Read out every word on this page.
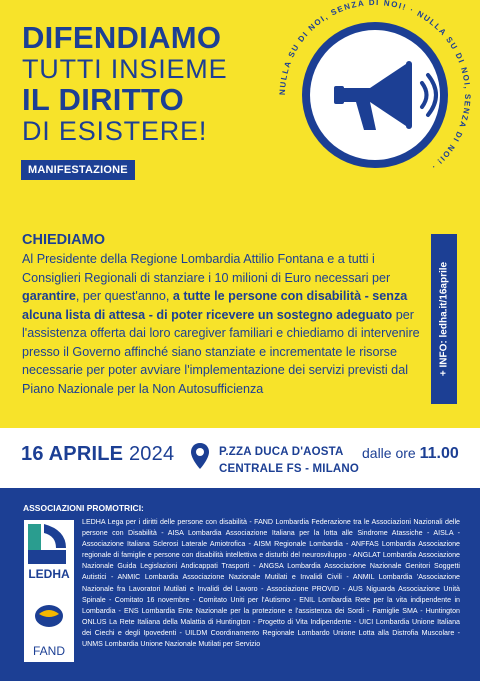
DIFENDIAMO
TUTTI INSIEME
IL DIRITTO
DI ESISTERE!
MANIFESTAZIONE
NULLA SU DI NOI, SENZA DI NOI! · NULLA SU DI NOI, SENZA DI NOI! ·
CHIEDIAMO
Al Presidente della Regione Lombardia Attilio Fontana e a tutti i Consiglieri Regionali di stanziare i 10 milioni di Euro necessari per garantire, per quest'anno, a tutte le persone con disabilità - senza alcuna lista di attesa - di poter ricevere un sostegno adeguato per l'assistenza offerta dai loro caregiver familiari e chiediamo di intervenire presso il Governo affinché siano stanziate e incrementate le risorse necessarie per poter avviare l'implementazione dei servizi previsti dal Piano Nazionale per la Non Autosufficienza
+ INFO: ledha.it/16aprile
16 APRILE 2024	P.ZZA DUCA D'AOSTA
CENTRALE FS - MILANO
dalle ore 11.00
ASSOCIAZIONI PROMOTRICI:
LEDHA
FAND
LEDHA Lega per i diritti delle persone con disabilità - FAND Lombardia Federazione tra le Associazioni Nazionali delle persone con Disabilità - AISA Lombardia Associazione Italiana per la lotta alle Sindrome Atassiche - AISLA - Associazione Italiana Sclerosi Laterale Amiotrofica - AISM Regionale Lombardia - ANFFAS Lombardia Associazione regionale di famiglie e persone con disabilità intellettiva e disturbi del neurosviluppo - ANGLAT Lombardia Associazione Nazionale Guida Legislazioni Andicappati Trasporti - ANGSA Lombardia Associazione Nazionale Genitori Soggetti Autistici - ANMIC Lombardia Associazione Nazionale Mutilati e Invalidi Civili - ANMIL Lombardia 'Associazione Nazionale fra Lavoratori Mutilati e Invalidi del Lavoro - Associazione PROVID - AUS Niguarda Associazione Unità Spinale - Comitato 16 novembre - Comitato Uniti per l'Autismo - ENIL Lombardia Rete per la vita indipendente in Lombardia - ENS Lombardia Ente Nazionale per la protezione e l'assistenza dei Sordi - Famiglie SMA - Huntington ONLUS La Rete Italiana della Malattia di Huntington - Progetto di Vita Indipendente - UICI Lombardia Unione Italiana dei Ciechi e degli Ipovedenti - UILDM Coordinamento Regionale Lombardo Unione Lotta alla Distrofia Muscolare - UNMS Lombardia Unione Nazionale Mutilati per Servizio
